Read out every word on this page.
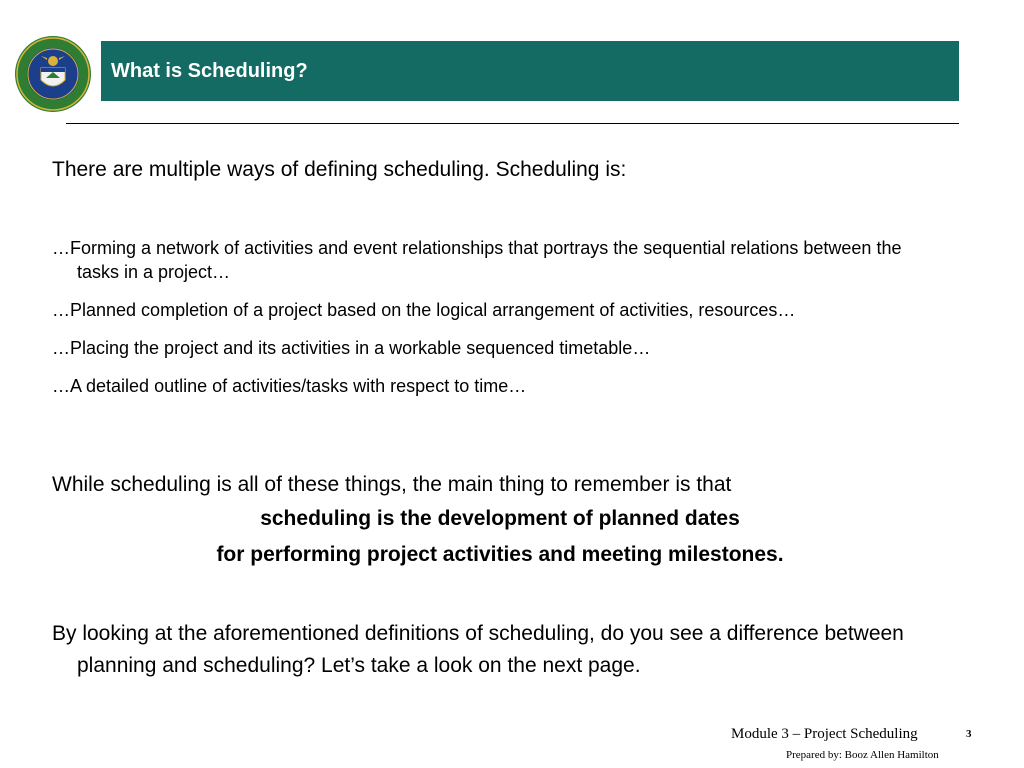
What is Scheduling?
There are multiple ways of defining scheduling. Scheduling is:
…Forming a network of activities and event relationships that portrays the sequential relations between the tasks in a project…
…Planned completion of a project based on the logical arrangement of activities, resources…
…Placing the project and its activities in a workable sequenced timetable…
…A detailed outline of activities/tasks with respect to time…
While scheduling is all of these things, the main thing to remember is that
scheduling is the development of planned dates
for performing project activities and meeting milestones.
By looking at the aforementioned definitions of scheduling, do you see a difference between planning and scheduling? Let’s take a look on the next page.
Module 3 – Project Scheduling	3
Prepared by: Booz Allen Hamilton
